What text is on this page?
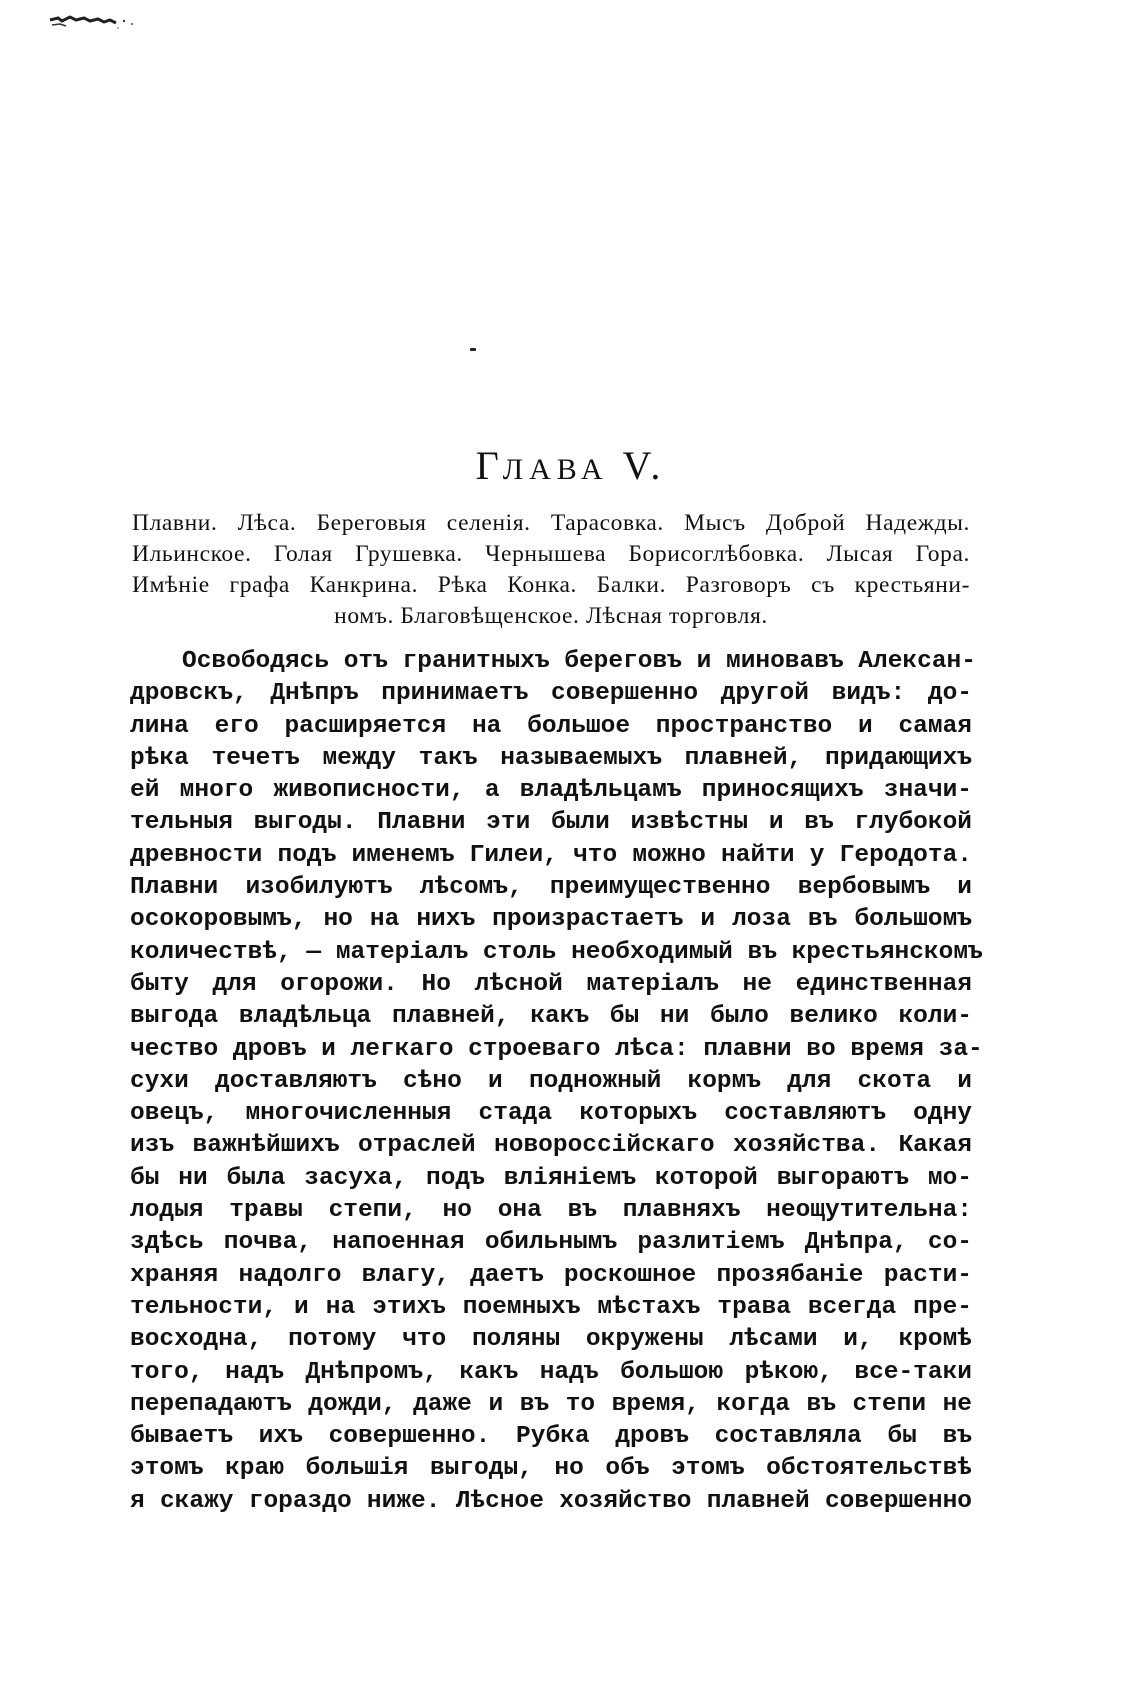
ГЛАВА V.
Плавни. Лѣса. Береговыя селенія. Тарасовка. Мысъ Доброй Надежды.
Ильинское. Голая Грушевка. Чернышева Борисоглѣбовка. Лысая Гора.
Имѣніе графа Канкрина. Рѣка Конка. Балки. Разговоръ съ крестьяни-
номъ. Благовѣщенское. Лѣсная торговля.
Освободясь отъ гранитныхъ береговъ и миновавъ Алексан-
дровскъ, Днѣпръ принимаетъ совершенно другой видъ: до-
лина его расширяется на большое пространство и самая
рѣка течетъ между такъ называемыхъ плавней, придающихъ
ей много живописности, а владѣльцамъ приносящихъ значи-
тельныя выгоды. Плавни эти были извѣстны и въ глубокой
древности подъ именемъ Гилеи, что можно найти у Геродота.
Плавни изобилуютъ лѣсомъ, преимущественно вербовымъ и
осокоровымъ, но на нихъ произрастаетъ и лоза въ большомъ
количествѣ, — матеріалъ столь необходимый въ крестьянскомъ
быту для огорожи. Но лѣсной матеріалъ не единственная
выгода владѣльца плавней, какъ бы ни было велико коли-
чество дровъ и легкаго строеваго лѣса: плавни во время за-
сухи доставляютъ сѣно и подножный кормъ для скота и
овецъ, многочисленныя стада которыхъ составляютъ одну
изъ важнѣйшихъ отраслей новороссійскаго хозяйства. Какая
бы ни была засуха, подъ вліяніемъ которой выгораютъ мо-
лодыя травы степи, но она въ плавняхъ неощутительна:
здѣсь почва, напоенная обильнымъ разлитіемъ Днѣпра, со-
храняя надолго влагу, даетъ роскошное прозябаніе расти-
тельности, и на этихъ поемныхъ мѣстахъ трава всегда пре-
восходна, потому что поляны окружены лѣсами и, кромѣ
того, надъ Днѣпромъ, какъ надъ большою рѣкою, все-таки
перепадаютъ дожди, даже и въ то время, когда въ степи не
бываетъ ихъ совершенно. Рубка дровъ составляла бы въ
этомъ краю большія выгоды, но объ этомъ обстоятельствѣ
я скажу гораздо ниже. Лѣсное хозяйство плавней совершенно
